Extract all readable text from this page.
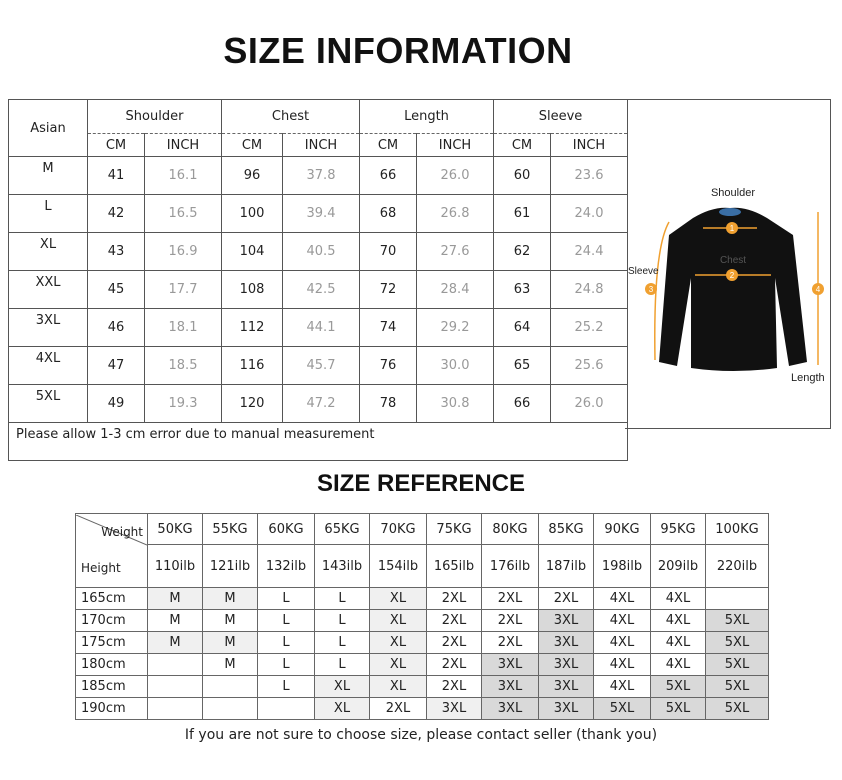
SIZE INFORMATION
Asian	Shoulder		Chest		Length		Sleeve	
	CM	INCH	CM	INCH	CM	INCH	CM	INCH
M	41	16.1	96	37.8	66	26.0	60	23.6
L	42	16.5	100	39.4	68	26.8	61	24.0
XL	43	16.9	104	40.5	70	27.6	62	24.4
XXL	45	17.7	108	42.5	72	28.4	63	24.8
3XL	46	18.1	112	44.1	74	29.2	64	25.2
4XL	47	18.5	116	45.7	76	30.0	65	25.6
5XL	49	19.3	120	47.2	78	30.8	66	26.0
Please allow 1-3 cm error due to manual measurement								
1
2
3	4
Shoulder
Chest
Sleeve
Length
SIZE REFERENCE
Weight
Height	50KG	55KG	60KG	65KG	70KG	75KG	80KG	85KG	90KG	95KG	100KG
	110ilb	121ilb	132ilb	143ilb	154ilb	165ilb	176ilb	187ilb	198ilb	209ilb	220ilb
165cm	M	M	L	L	XL	2XL	2XL	2XL	4XL	4XL	
170cm	M	M	L	L	XL	2XL	2XL	3XL	4XL	4XL	5XL
175cm	M	M	L	L	XL	2XL	2XL	3XL	4XL	4XL	5XL
180cm		M	L	L	XL	2XL	3XL	3XL	4XL	4XL	5XL
185cm			L	XL	XL	2XL	3XL	3XL	4XL	5XL	5XL
190cm				XL	2XL	3XL	3XL	3XL	5XL	5XL	5XL
If you are not sure to choose size, please contact seller (thank you)
